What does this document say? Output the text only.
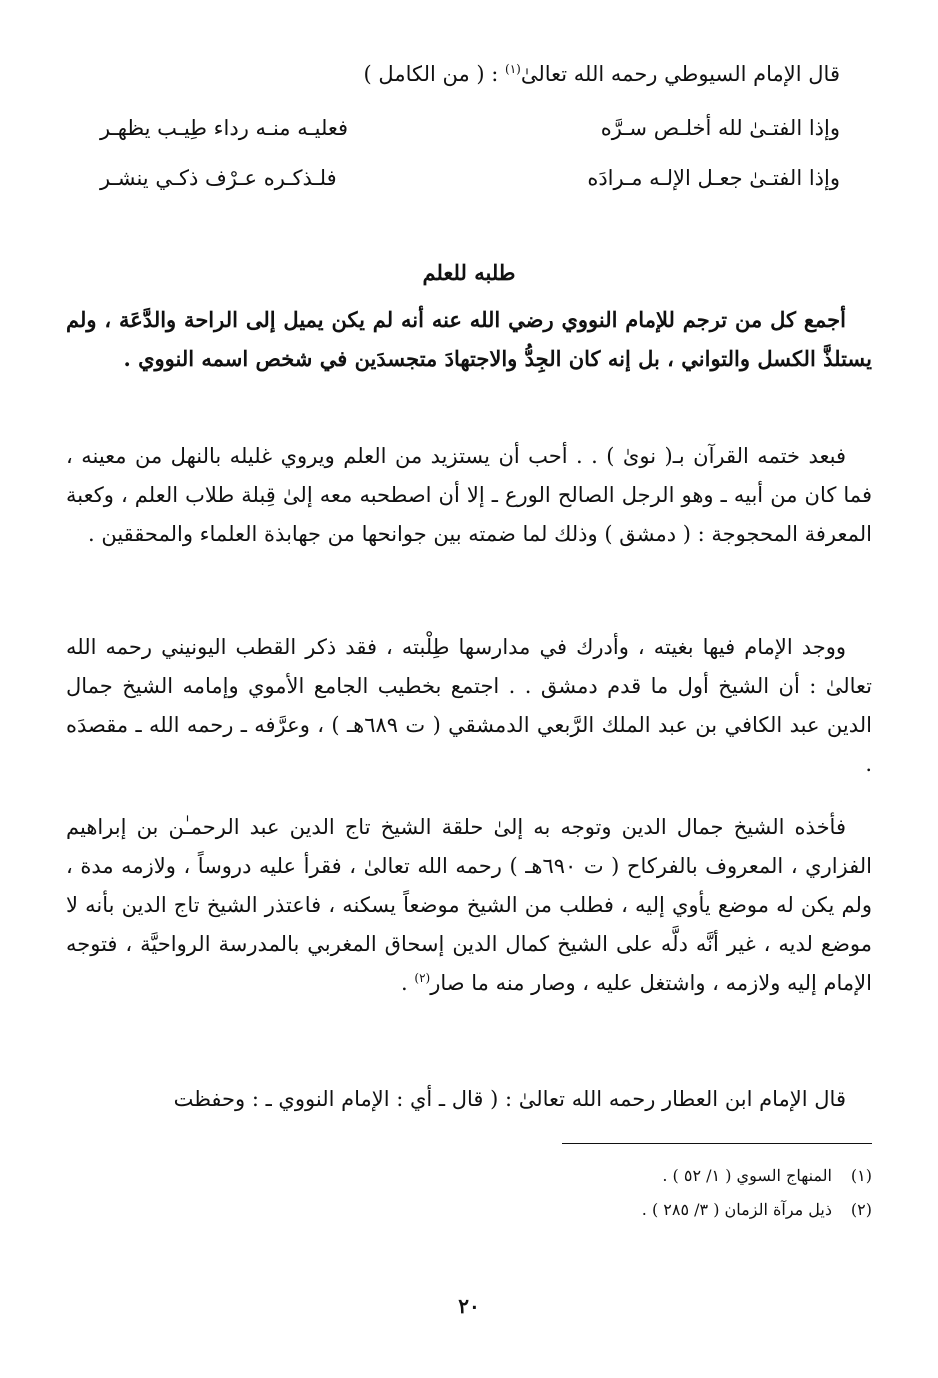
قال الإمام السيوطي رحمه الله تعالىٰ$^{(١)}$ : ( من الكامل )
وإذا الفتـىٰ لله أخلـص سـرَّه
فعليـه منـه رداء طِيـب يظهـر
وإذا الفتـىٰ جعـل الإلـه مـرادَه
فلـذكـره عـرْف ذكـي ينشـر
طلبه للعلم

أجمع كل من ترجم للإمام النووي رضي الله عنه أنه لم يكن يميل إلى الراحة والدَّعَة ، ولم يستلذَّ الكسل والتواني ، بل إنه كان الجِدُّ والاجتهادَ متجسدَين في شخص اسمه النووي .

فبعد ختمه القرآن بـ( نوىٰ ) . . أحب أن يستزيد من العلم ويروي غليله بالنهل من معينه ، فما كان من أبيه ـ وهو الرجل الصالح الورع ـ إلا أن اصطحبه معه إلىٰ قِبلة طلاب العلم ، وكعبة المعرفة المحجوجة : ( دمشق ) وذلك لما ضمته بين جوانحها من جهابذة العلماء والمحققين .

ووجد الإمام فيها بغيته ، وأدرك في مدارسها طِلْبته ، فقد ذكر القطب اليونيني رحمه الله تعالىٰ : أن الشيخ أول ما قدم دمشق . . اجتمع بخطيب الجامع الأموي وإمامه الشيخ جمال الدين عبد الكافي بن عبد الملك الرَّبعي الدمشقي ( ت ٦٨٩هـ ) ، وعرَّفه ـ رحمه الله ـ مقصدَه .

فأخذه الشيخ جمال الدين وتوجه به إلىٰ حلقة الشيخ تاج الدين عبد الرحمـٰن بن إبراهيم الفزاري ، المعروف بالفركاح ( ت ٦٩٠هـ ) رحمه الله تعالىٰ ، فقرأ عليه دروساً ، ولازمه مدة ، ولم يكن له موضع يأوي إليه ، فطلب من الشيخ موضعاً يسكنه ، فاعتذر الشيخ تاج الدين بأنه لا موضع لديه ، غير أنَّه دلَّه على الشيخ كمال الدين إسحاق المغربي بالمدرسة الرواحيَّة ، فتوجه الإمام إليه ولازمه ، واشتغل عليه ، وصار منه ما صار$^{(٢)}$ .

قال الإمام ابن العطار رحمه الله تعالىٰ : ( قال ـ أي : الإمام النووي ـ : وحفظت

(١)المنهاج السوي ( ١/ ٥٢ ) .
(٢)ذيل مرآة الزمان ( ٣/ ٢٨٥ ) .
٢٠
